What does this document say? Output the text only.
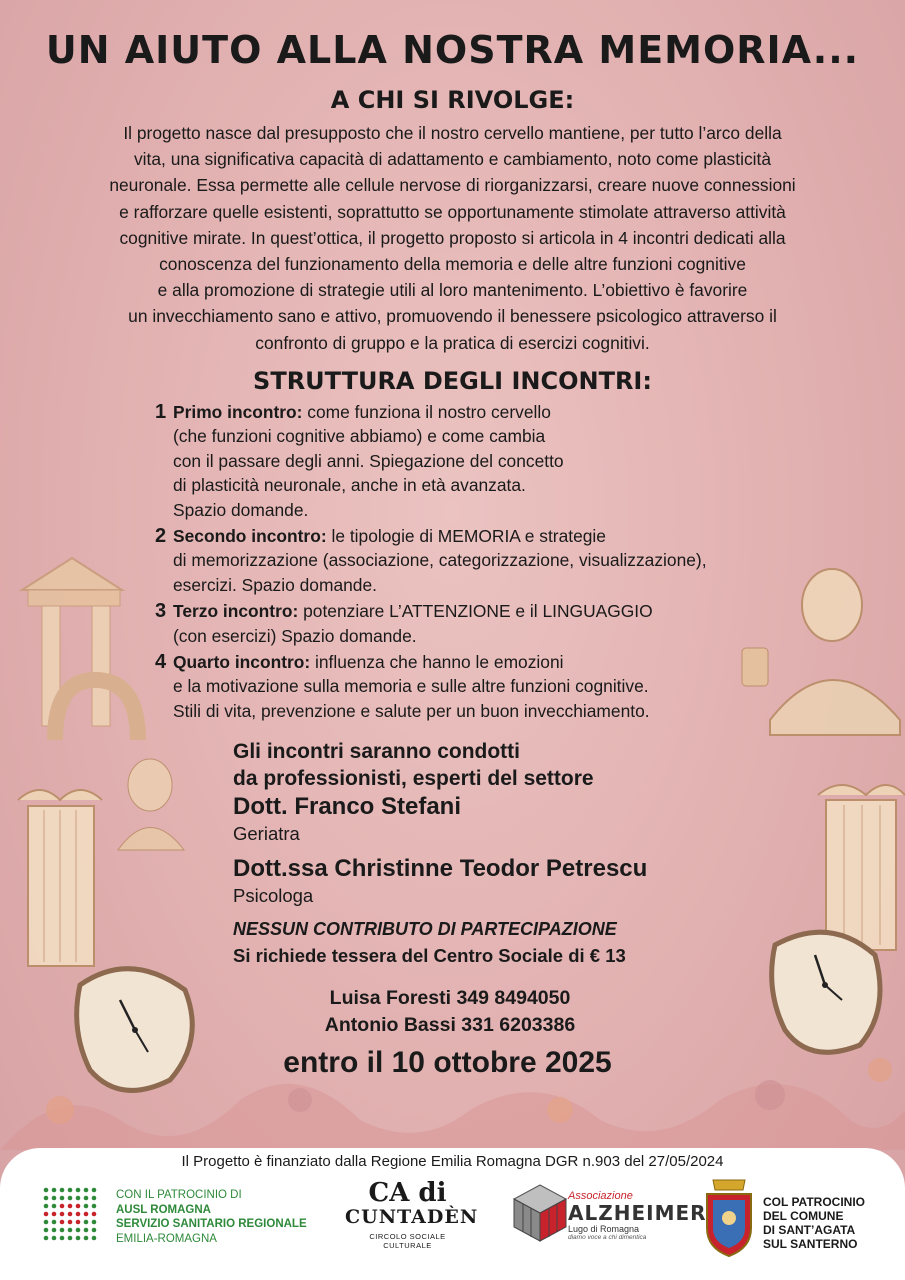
UN AIUTO ALLA NOSTRA MEMORIA...
A CHI SI RIVOLGE:

Il progetto nasce dal presupposto che il nostro cervello mantiene, per tutto l’arco della

vita, una significativa capacità di adattamento e cambiamento, noto come plasticità

neuronale. Essa permette alle cellule nervose di riorganizzarsi, creare nuove connessioni

e rafforzare quelle esistenti, soprattutto se opportunamente stimolate attraverso attività

cognitive mirate. In quest’ottica, il progetto proposto si articola in 4 incontri dedicati alla

conoscenza del funzionamento della memoria e delle altre funzioni cognitive

e alla promozione di strategie utili al loro mantenimento. L’obiettivo è favorire

un invecchiamento sano e attivo, promuovendo il benessere psicologico attraverso il

confronto di gruppo e la pratica di esercizi cognitivi.

STRUTTURA DEGLI INCONTRI:
1 Primo incontro: come funziona il nostro cervello

(che funzioni cognitive abbiamo) e come cambia

con il passare degli anni. Spiegazione del concetto

di plasticità neuronale, anche in età avanzata.

Spazio domande.

2 Secondo incontro: le tipologie di MEMORIA e strategie

di memorizzazione (associazione, categorizzazione, visualizzazione),

esercizi. Spazio domande.

3 Terzo incontro: potenziare L’ATTENZIONE e il LINGUAGGIO

(con esercizi) Spazio domande.

4 Quarto incontro: influenza che hanno le emozioni

e la motivazione sulla memoria e sulle altre funzioni cognitive.

Stili di vita, prevenzione e salute per un buon invecchiamento.

Gli incontri saranno condotti
da professionisti, esperti del settore
Dott. Franco Stefani
Geriatra
Dott.ssa Christinne Teodor Petrescu
Psicologa
NESSUN CONTRIBUTO DI PARTECIPAZIONE
Si richiede tessera del Centro Sociale di € 13
Luisa Foresti 349 8494050
Antonio Bassi 331 6203386
entro il 10 ottobre 2025
Il Progetto è finanziato dalla Regione Emilia Romagna DGR n.903 del 27/05/2024
CON IL PATROCINIO DI
AUSL ROMAGNA
SERVIZIO SANITARIO REGIONALE
EMILIA-ROMAGNA
CA di
CUNTADÈN
CIRCOLO SOCIALE CULTURALE
Associazione
ALZHEIMER
Lugo di Romagna
diamo voce a chi dimentica
COL PATROCINIO
DEL COMUNE
DI SANT’AGATA
SUL SANTERNO
